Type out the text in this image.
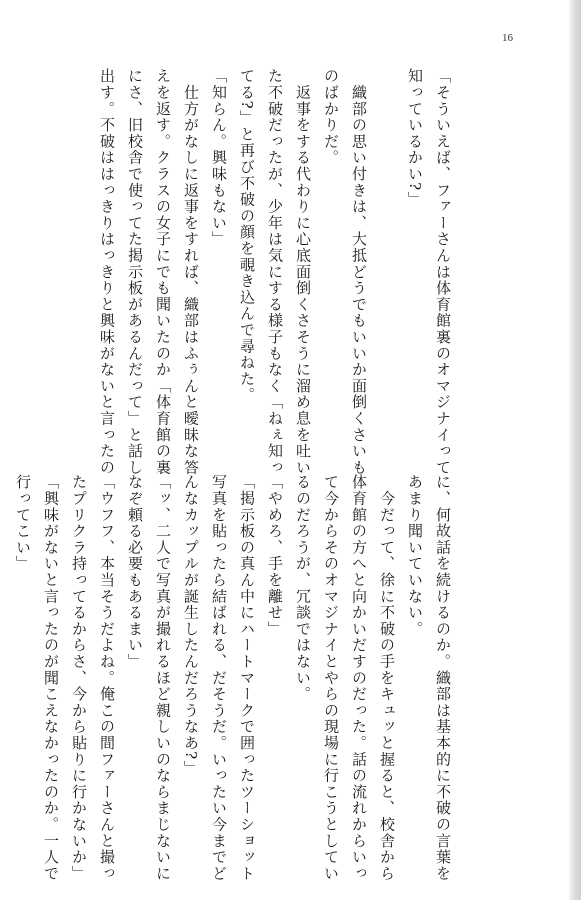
16
「そういえば、ファーさんは体育館裏のオマジナイって
知っているかい?」

　織部の思い付きは、大抵どうでもいいか面倒くさいも
のばかりだ。
　返事をする代わりに心底面倒くさそうに溜め息を吐い
た不破だったが、少年は気にする様子もなく「ねぇ知っ
てる?」と再び不破の顔を覗き込んで尋ねた。
「知らん。興味もない」
　仕方がなしに返事をすれば、織部はふぅんと曖昧な答
えを返す。クラスの女子にでも聞いたのか「体育館の裏
にさ、旧校舎で使ってた掲示板があるんだって」と話し
出す。不破ははっきりはっきりと興味がないと言ったの
に、何故話を続けるのか。織部は基本的に不破の言葉を
あまり聞いていない。
　今だって、徐に不破の手をキュッと握ると、校舎から
体育館の方へと向かいだすのだった。話の流れからいっ
て今からそのオマジナイとやらの現場に行こうとしてい
るのだろうが、冗談ではない。
「やめろ、手を離せ」
「掲示板の真ん中にハートマークで囲ったツーショット
写真を貼ったら結ばれる、だそうだ。いったい今までど
んなカップルが誕生したんだろうなあ?」
「ッ、二人で写真が撮れるほど親しいのならまじないに
なぞ頼る必要もあるまい」
「ウフフ、本当そうだよね。俺この間ファーさんと撮っ
たプリクラ持ってるからさ、今から貼りに行かないか」
「興味がないと言ったのが聞こえなかったのか。一人で
行ってこい」
